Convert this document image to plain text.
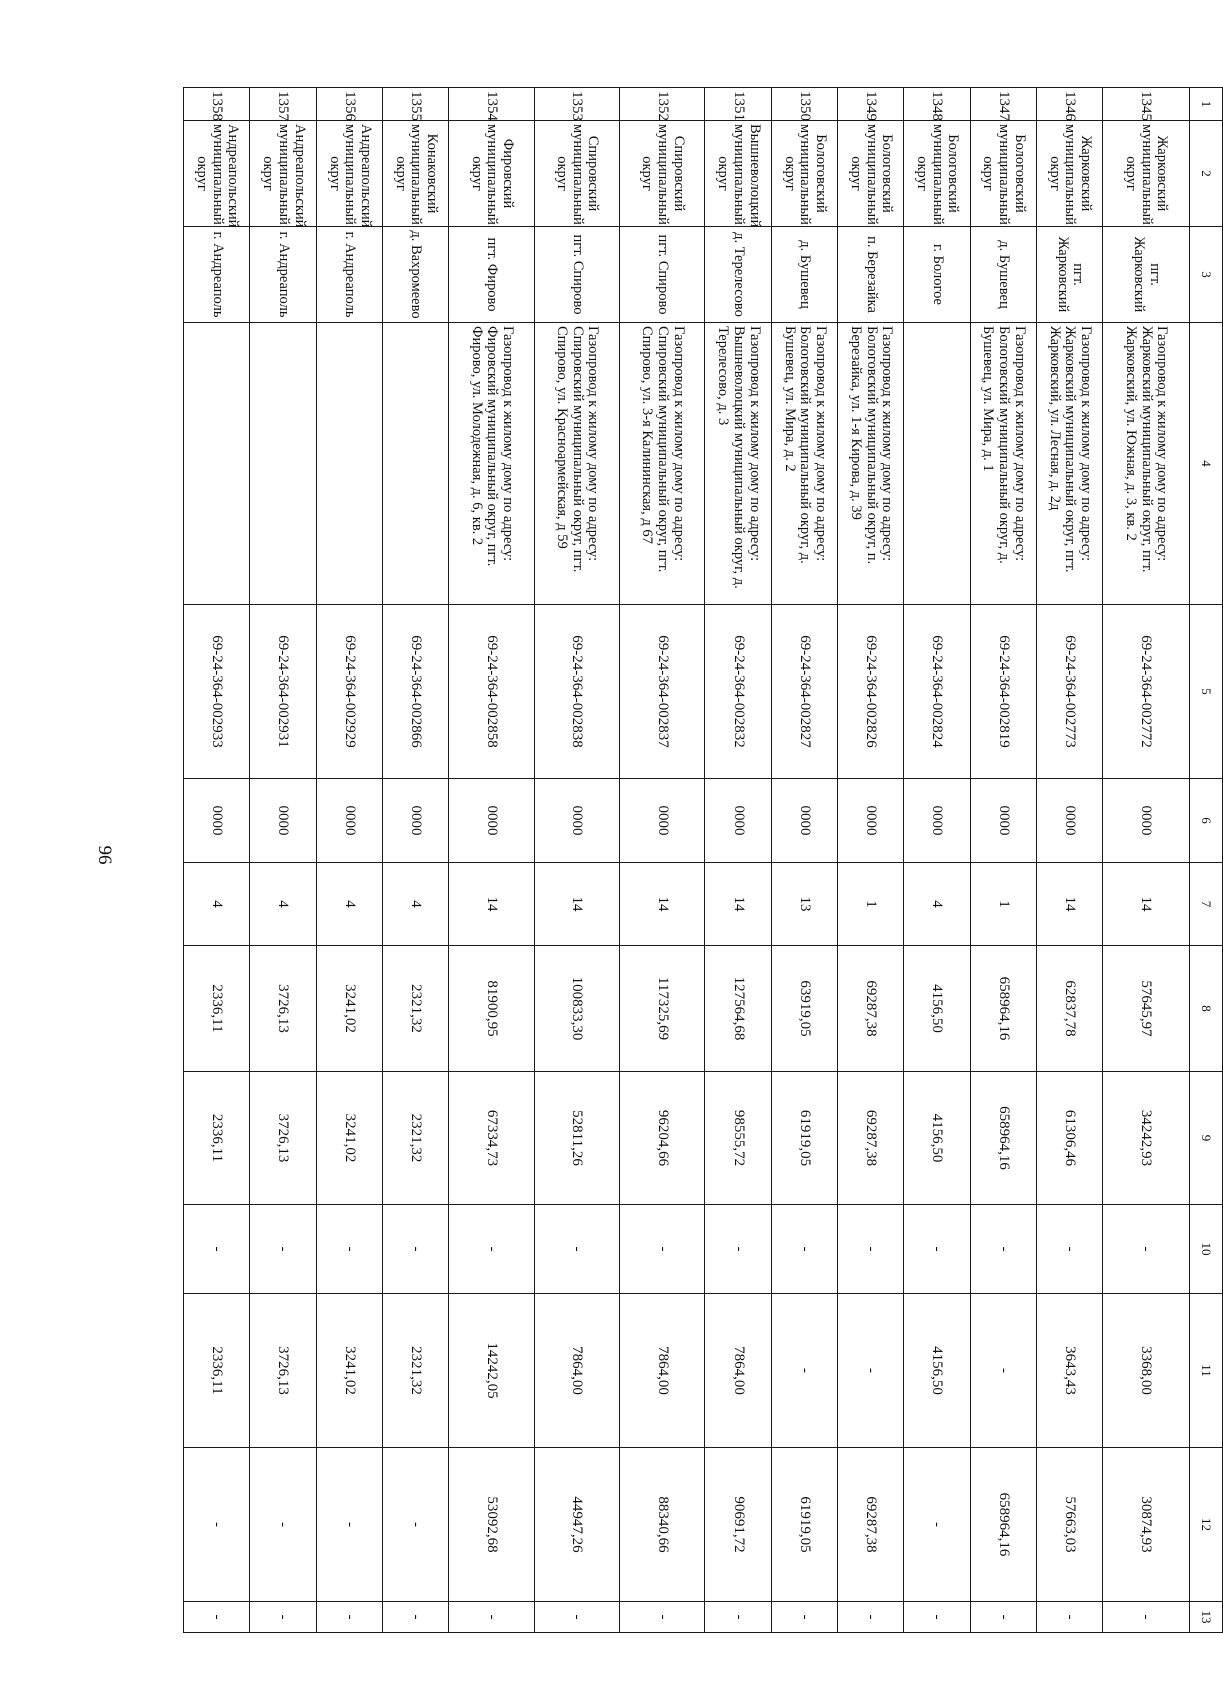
96
1	2	3	4	5	6	7	8	9	10	11	12	13
1345	Жарковский муниципальный округ	пгт. Жарковский	Газопровод к жилому дому по адресу: Жарковский муниципальный округ, пгт. Жарковский, ул. Южная, д. 3, кв. 2	69-24-364-002772	0000	14	57645,97	34242,93	-	3368,00	30874,93	-
1346	Жарковский муниципальный округ	пгт. Жарковский	Газопровод к жилому дому по адресу: Жарковский муниципальный округ, пгт. Жарковский, ул. Лесная, д. 2д	69-24-364-002773	0000	14	62837,78	61306,46	-	3643,43	57663,03	-
1347	Бологовский муниципальный округ	д. Бушевец	Газопровод к жилому дому по адресу: Бологовский муниципальный округ, д. Бушевец, ул. Мира, д. 1	69-24-364-002819	0000	1	658964,16	658964,16	-	-	658964,16	-
1348	Бологовский муниципальный округ	г. Бологое		69-24-364-002824	0000	4	4156,50	4156,50	-	4156,50	-	-
1349	Бологовский муниципальный округ	п. Березайка	Газопровод к жилому дому по адресу: Бологовский муниципальный округ, п. Березайка, ул. 1-я Кирова, д. 39	69-24-364-002826	0000	1	69287,38	69287,38	-	-	69287,38	-
1350	Бологовский муниципальный округ	д. Бушевец	Газопровод к жилому дому по адресу: Бологовский муниципальный округ, д. Бушевец, ул. Мира, д. 2	69-24-364-002827	0000	13	63919,05	61919,05	-	-	61919,05	-
1351	Вышневолоцкий муниципальный округ	д. Терелесово	Газопровод к жилому дому по адресу: Вышневолоцкий муниципальный округ, д. Терелесово, д. 3	69-24-364-002832	0000	14	127564,68	98555,72	-	7864,00	90691,72	-
1352	Спировский муниципальный округ	пгт. Спирово	Газопровод к жилому дому по адресу: Спировский муниципальный округ, пгт. Спирово, ул. 3-я Калининская, д 67	69-24-364-002837	0000	14	117325,69	96204,66	-	7864,00	88340,66	-
1353	Спировский муниципальный округ	пгт. Спирово	Газопровод к жилому дому по адресу: Спировский муниципальный округ, пгт. Спирово, ул. Красноармейская, д 59	69-24-364-002838	0000	14	100833,30	52811,26	-	7864,00	44947,26	-
1354	Фировский муниципальный округ	пгт. Фирово	Газопровод к жилому дому по адресу: Фировский муниципальный округ, пгт. Фирово, ул. Молодежная, д. 6, кв. 2	69-24-364-002858	0000	14	81900,95	67334,73	-	14242,05	53092,68	-
1355	Конаковский муниципальный округ	д. Вахромеево		69-24-364-002866	0000	4	2321,32	2321,32	-	2321,32	-	-
1356	Андреапольский муниципальный округ	г. Андреаполь		69-24-364-002929	0000	4	3241,02	3241,02	-	3241,02	-	-
1357	Андреапольский муниципальный округ	г. Андреаполь		69-24-364-002931	0000	4	3726,13	3726,13	-	3726,13	-	-
1358	Андреапольский муниципальный округ	г. Андреаполь		69-24-364-002933	0000	4	2336,11	2336,11	-	2336,11	-	-
